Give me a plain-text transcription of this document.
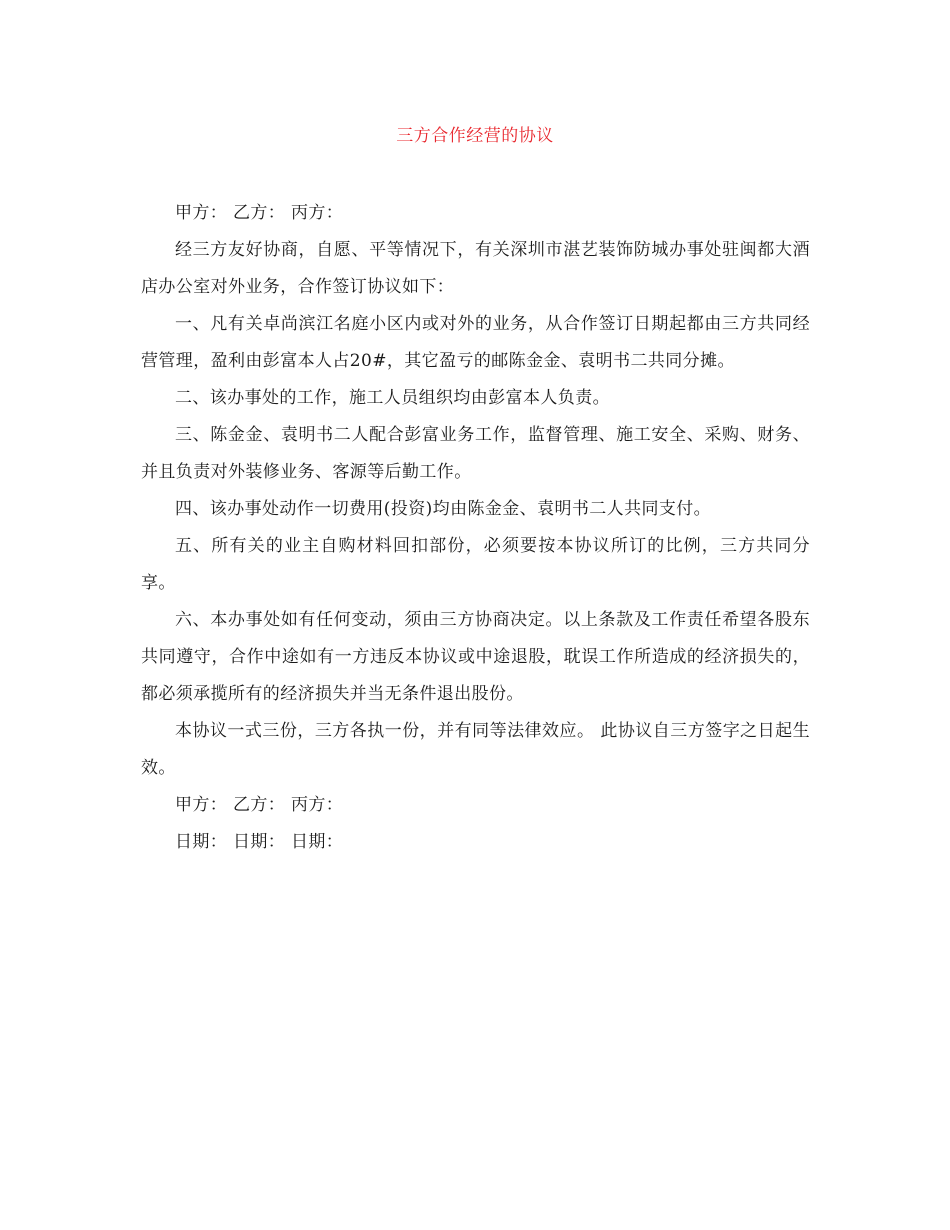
三方合作经营的协议

甲方： 乙方： 丙方：

经三方友好协商，自愿、平等情况下，有关深圳市湛艺装饰防城办事处驻闽都大酒店办公室对外业务，合作签订协议如下：

一、凡有关卓尚滨江名庭小区内或对外的业务，从合作签订日期起都由三方共同经营管理，盈利由彭富本人占20#，其它盈亏的邮陈金金、袁明书二共同分摊。

二、该办事处的工作，施工人员组织均由彭富本人负责。

三、陈金金、袁明书二人配合彭富业务工作，监督管理、施工安全、采购、财务、并且负责对外装修业务、客源等后勤工作。

四、该办事处动作一切费用(投资)均由陈金金、袁明书二人共同支付。

五、所有关的业主自购材料回扣部份，必须要按本协议所订的比例，三方共同分享。

六、本办事处如有任何变动，须由三方协商决定。以上条款及工作责任希望各股东共同遵守，合作中途如有一方违反本协议或中途退股，耽误工作所造成的经济损失的，都必须承揽所有的经济损失并当无条件退出股份。

本协议一式三份，三方各执一份，并有同等法律效应。 此协议自三方签字之日起生效。

甲方： 乙方： 丙方：

日期： 日期： 日期：
